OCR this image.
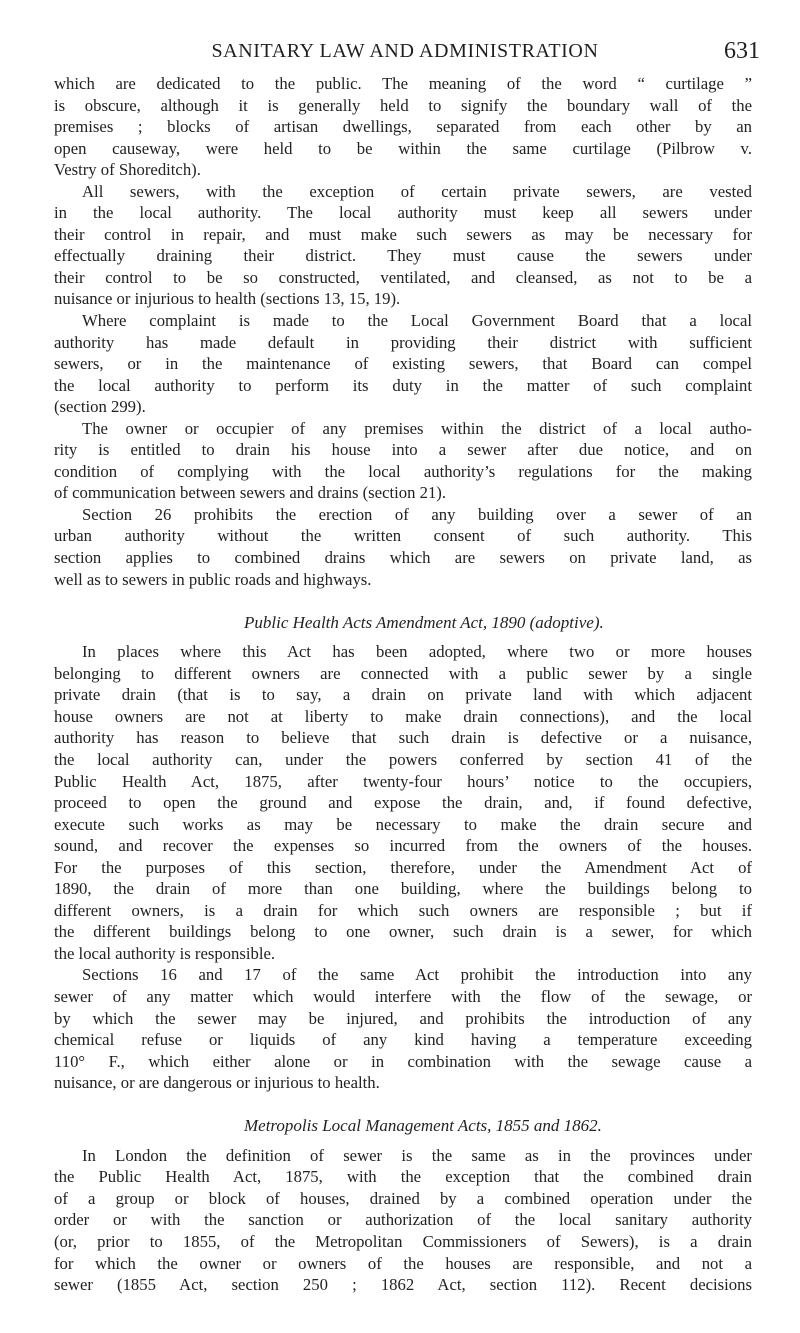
SANITARY LAW AND ADMINISTRATION	631
which are dedicated to the public. The meaning of the word “ curtilage ”
is obscure, although it is generally held to signify the boundary wall of the
premises ; blocks of artisan dwellings, separated from each other by an
open causeway, were held to be within the same curtilage (Pilbrow v.
Vestry of Shoreditch).
All sewers, with the exception of certain private sewers, are vested
in the local authority. The local authority must keep all sewers under
their control in repair, and must make such sewers as may be necessary for
effectually draining their district. They must cause the sewers under
their control to be so constructed, ventilated, and cleansed, as not to be a
nuisance or injurious to health (sections 13, 15, 19).
Where complaint is made to the Local Government Board that a local
authority has made default in providing their district with sufficient
sewers, or in the maintenance of existing sewers, that Board can compel
the local authority to perform its duty in the matter of such complaint
(section 299).
The owner or occupier of any premises within the district of a local autho-
rity is entitled to drain his house into a sewer after due notice, and on
condition of complying with the local authority’s regulations for the making
of communication between sewers and drains (section 21).
Section 26 prohibits the erection of any building over a sewer of an
urban authority without the written consent of such authority. This
section applies to combined drains which are sewers on private land, as
well as to sewers in public roads and highways.
Public Health Acts Amendment Act, 1890 (adoptive).
In places where this Act has been adopted, where two or more houses
belonging to different owners are connected with a public sewer by a single
private drain (that is to say, a drain on private land with which adjacent
house owners are not at liberty to make drain connections), and the local
authority has reason to believe that such drain is defective or a nuisance,
the local authority can, under the powers conferred by section 41 of the
Public Health Act, 1875, after twenty-four hours’ notice to the occupiers,
proceed to open the ground and expose the drain, and, if found defective,
execute such works as may be necessary to make the drain secure and
sound, and recover the expenses so incurred from the owners of the houses.
For the purposes of this section, therefore, under the Amendment Act of
1890, the drain of more than one building, where the buildings belong to
different owners, is a drain for which such owners are responsible ; but if
the different buildings belong to one owner, such drain is a sewer, for which
the local authority is responsible.
Sections 16 and 17 of the same Act prohibit the introduction into any
sewer of any matter which would interfere with the flow of the sewage, or
by which the sewer may be injured, and prohibits the introduction of any
chemical refuse or liquids of any kind having a temperature exceeding
110° F., which either alone or in combination with the sewage cause a
nuisance, or are dangerous or injurious to health.
Metropolis Local Management Acts, 1855 and 1862.
In London the definition of sewer is the same as in the provinces under
the Public Health Act, 1875, with the exception that the combined drain
of a group or block of houses, drained by a combined operation under the
order or with the sanction or authorization of the local sanitary authority
(or, prior to 1855, of the Metropolitan Commissioners of Sewers), is a drain
for which the owner or owners of the houses are responsible, and not a
sewer (1855 Act, section 250 ; 1862 Act, section 112). Recent decisions
